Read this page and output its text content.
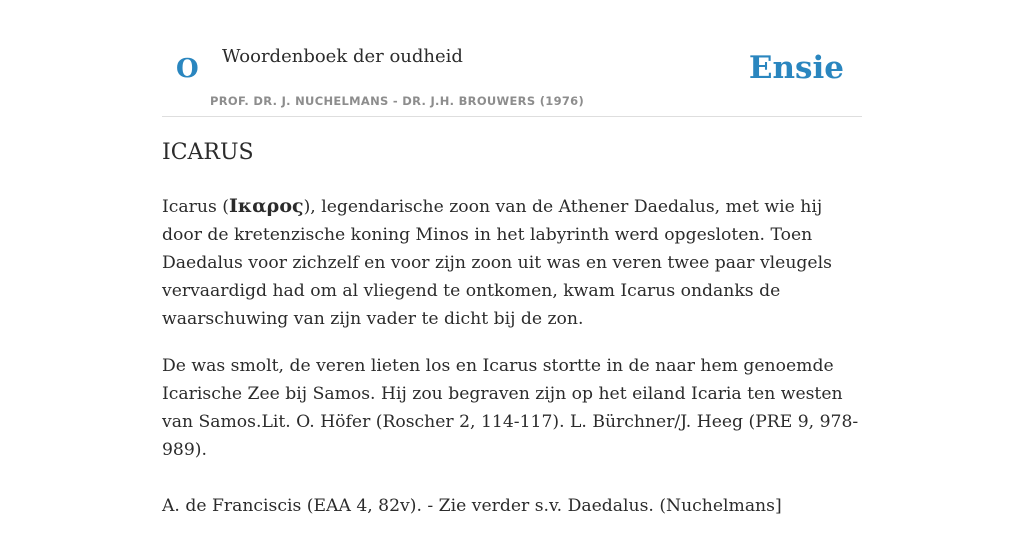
O Woordenboek der oudheid
PROF. DR. J. NUCHELMANS - DR. J.H. BROUWERS (1976)
Ensie
ICARUS

Icarus (Ικαρος), legendarische zoon van de Athener Daedalus, met wie hij door de kretenzische koning Minos in het labyrinth werd opgesloten. Toen Daedalus voor zichzelf en voor zijn zoon uit was en veren twee paar vleugels vervaardigd had om al vliegend te ontkomen, kwam Icarus ondanks de waarschuwing van zijn vader te dicht bij de zon.

De was smolt, de veren lieten los en Icarus stortte in de naar hem genoemde Icarische Zee bij Samos. Hij zou begraven zijn op het eiland Icaria ten westen van Samos.Lit. O. Höfer (Roscher 2, 114-117). L. Bürchner/J. Heeg (PRE 9, 978-989).

A. de Franciscis (EAA 4, 82v). - Zie verder s.v. Daedalus. (Nuchelmans]
